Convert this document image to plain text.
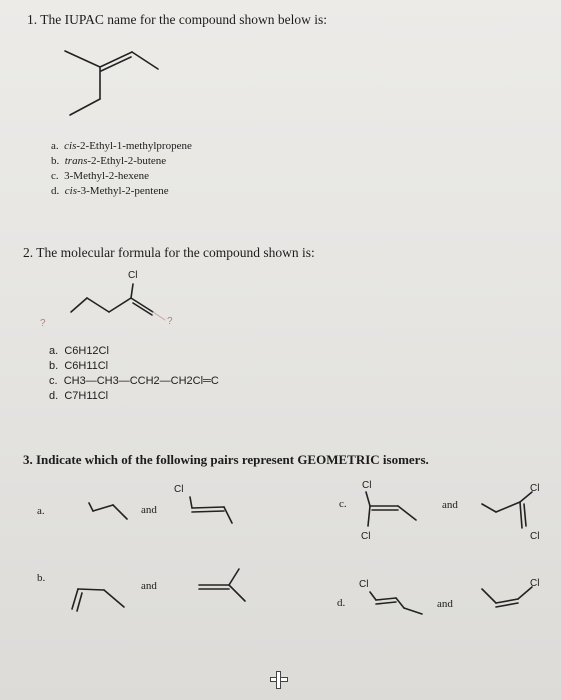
1. The IUPAC name for the compound shown below is:
a. cis-2-Ethyl-1-methylpropene
b. trans-2-Ethyl-2-butene
c. 3-Methyl-2-hexene
d. cis-3-Methyl-2-pentene
2. The molecular formula for the compound shown is:
Cl
?	?
a. C6H12Cl
b. C6H11Cl
c. CH3—CH3—CCH2—CH2Cl═C
d. C7H11Cl
3. Indicate which of the following pairs represent GEOMETRIC isomers.
a.	and
Cl
c.
Cl
Cl
and
Cl
Cl
b.
and
d.
Cl
and
Cl
